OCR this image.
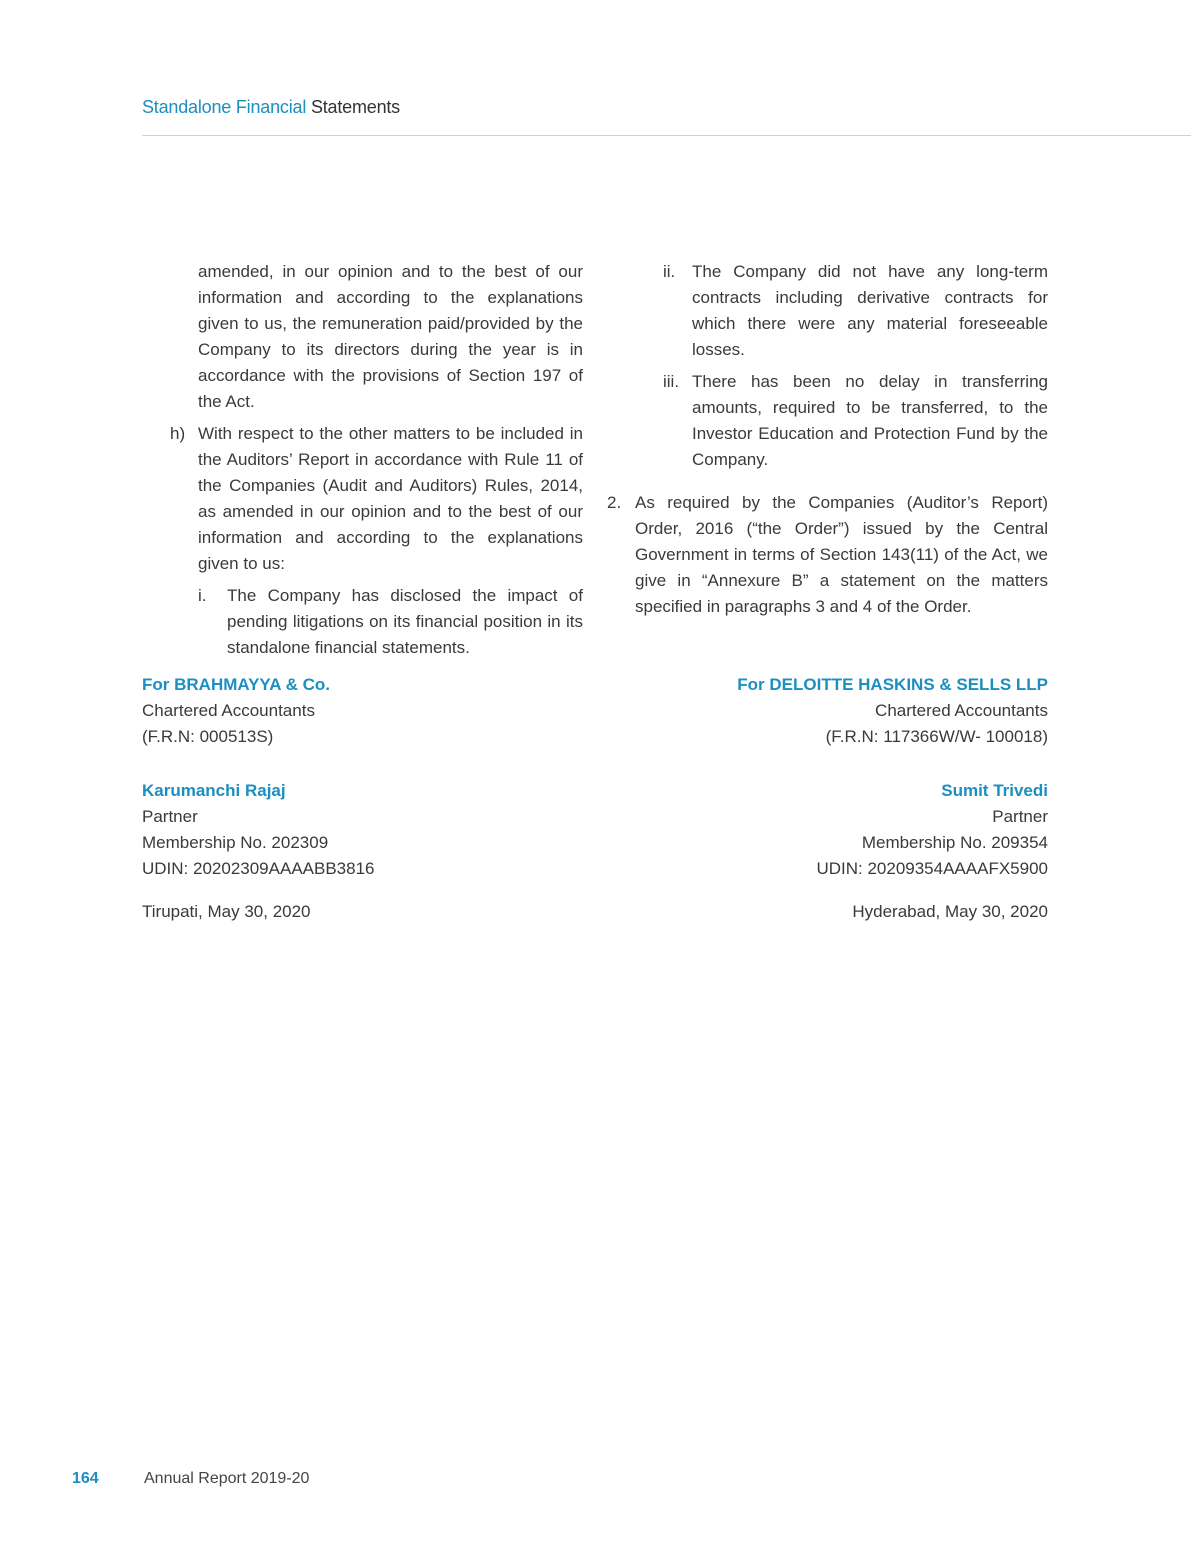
Standalone Financial Statements

amended, in our opinion and to the best of our information and according to the explanations given to us, the remuneration paid/provided by the Company to its directors during the year is in accordance with the provisions of Section 197 of the Act.

h) With respect to the other matters to be included in the Auditors’ Report in accordance with Rule 11 of the Companies (Audit and Auditors) Rules, 2014, as amended in our opinion and to the best of our information and according to the explanations given to us:

i. The Company has disclosed the impact of pending litigations on its financial position in its standalone financial statements.

ii. The Company did not have any long-term contracts including derivative contracts for which there were any material foreseeable losses.

iii. There has been no delay in transferring amounts, required to be transferred, to the Investor Education and Protection Fund by the Company.

2. As required by the Companies (Auditor’s Report) Order, 2016 (“the Order”) issued by the Central Government in terms of Section 143(11) of the Act, we give in “Annexure B” a statement on the matters specified in paragraphs 3 and 4 of the Order.

For BRAHMAYYA & Co.
Chartered Accountants
(F.R.N: 000513S)
Karumanchi Rajaj
Partner
Membership No. 202309
UDIN: 20202309AAAABB3816
Tirupati, May 30, 2020
For DELOITTE HASKINS & SELLS LLP
Chartered Accountants
(F.R.N: 117366W/W- 100018)
Sumit Trivedi
Partner
Membership No. 209354
UDIN: 20209354AAAAFX5900
Hyderabad, May 30, 2020
164	Annual Report 2019-20
